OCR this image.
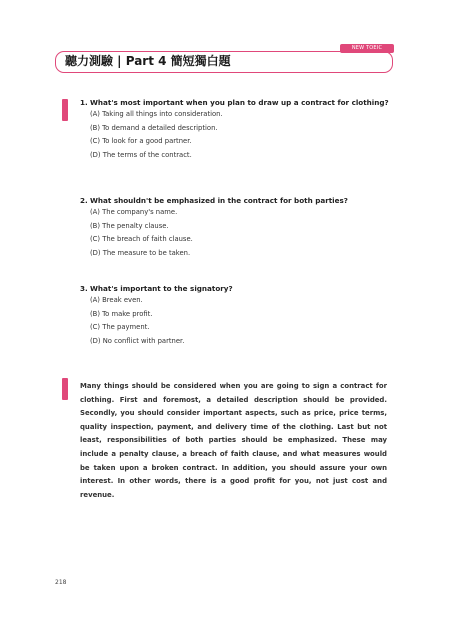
NEW TOEIC
聽力測驗 | Part 4 簡短獨白題
1. What's most important when you plan to draw up a contract for clothing?
(A) Taking all things into consideration.
(B) To demand a detailed description.
(C) To look for a good partner.
(D) The terms of the contract.
2. What shouldn't be emphasized in the contract for both parties?
(A) The company's name.
(B) The penalty clause.
(C) The breach of faith clause.
(D) The measure to be taken.
3. What's important to the signatory?
(A) Break even.
(B) To make profit.
(C) The payment.
(D) No conflict with partner.

Many things should be considered when you are going to sign a contract for clothing. First and foremost, a detailed description should be provided. Secondly, you should consider important aspects, such as price, price terms, quality inspection, payment, and delivery time of the clothing. Last but not least, responsibilities of both parties should be emphasized. These may include a penalty clause, a breach of faith clause, and what measures would be taken upon a broken contract. In addition, you should assure your own interest. In other words, there is a good profit for you, not just cost and revenue.

218
